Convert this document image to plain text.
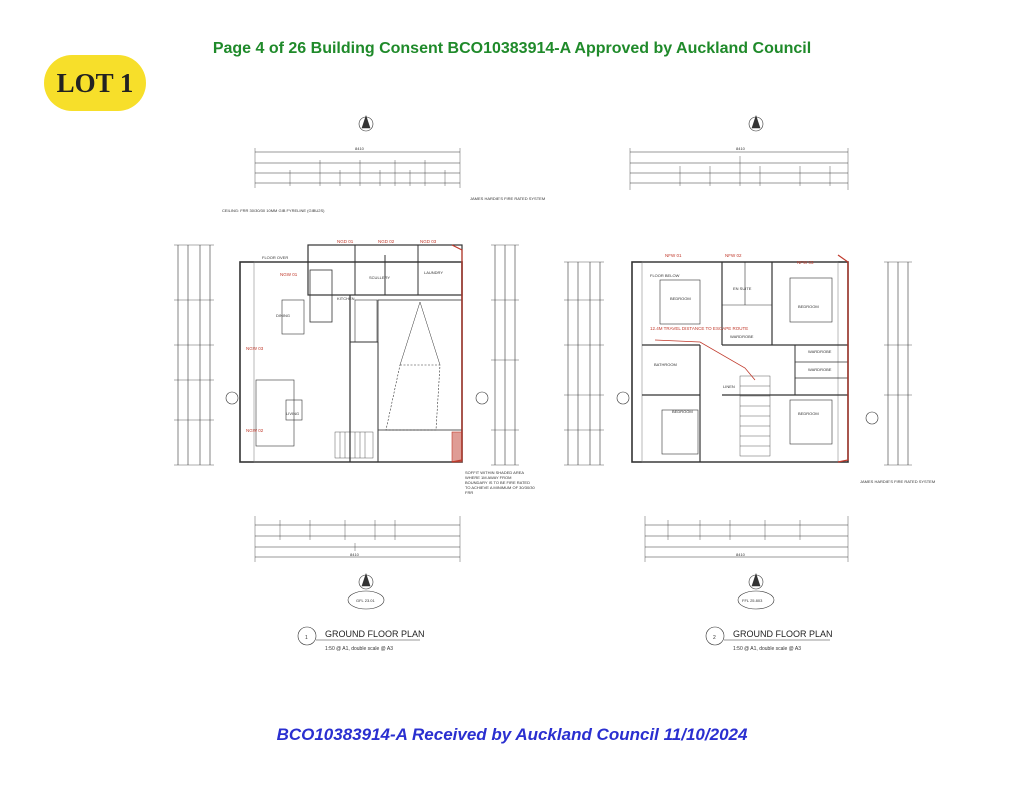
Page 4 of 26 Building Consent BCO10383914-A Approved by Auckland Council
LOT 1
8410
8410
8410
8410
DINING
KITCHEN
SCULLERY
LAUNDRY
LIVING
FLOOR OVER
NGD 01	NGD 02	NGD 03
NGW 01
NGW 02
NGW 03
CEILING: FRR 30/30/30 10MM GIB FYRELINE (GIBU2S)
JAMES HARDIE'S FIRE RATED SYSTEM
SOFFIT WITHIN SHADED AREA WHERE 1M AWAY FROM BOUNDARY IS TO BE FIRE RATED TO ACHIEVE A MINIMUM OF 30/30/30 FRR
GFL 23.01
1 GROUND FLOOR PLAN
1:50 @ A1, double scale @ A3
BEDROOM
BEDROOM
BEDROOM
BEDROOM
BATHROOM
EN SUITE
WARDROBE
WARDROBE
WARDROBE
LINEN
FLOOR BELOW
NFW 01	NFW 02
NFW 03
12.4M TRAVEL DISTANCE TO ESCAPE ROUTE
JAMES HARDIE'S FIRE RATED SYSTEM
FFL 25.803
2 GROUND FLOOR PLAN
1:50 @ A1, double scale @ A3
BCO10383914-A Received by Auckland Council 11/10/2024
